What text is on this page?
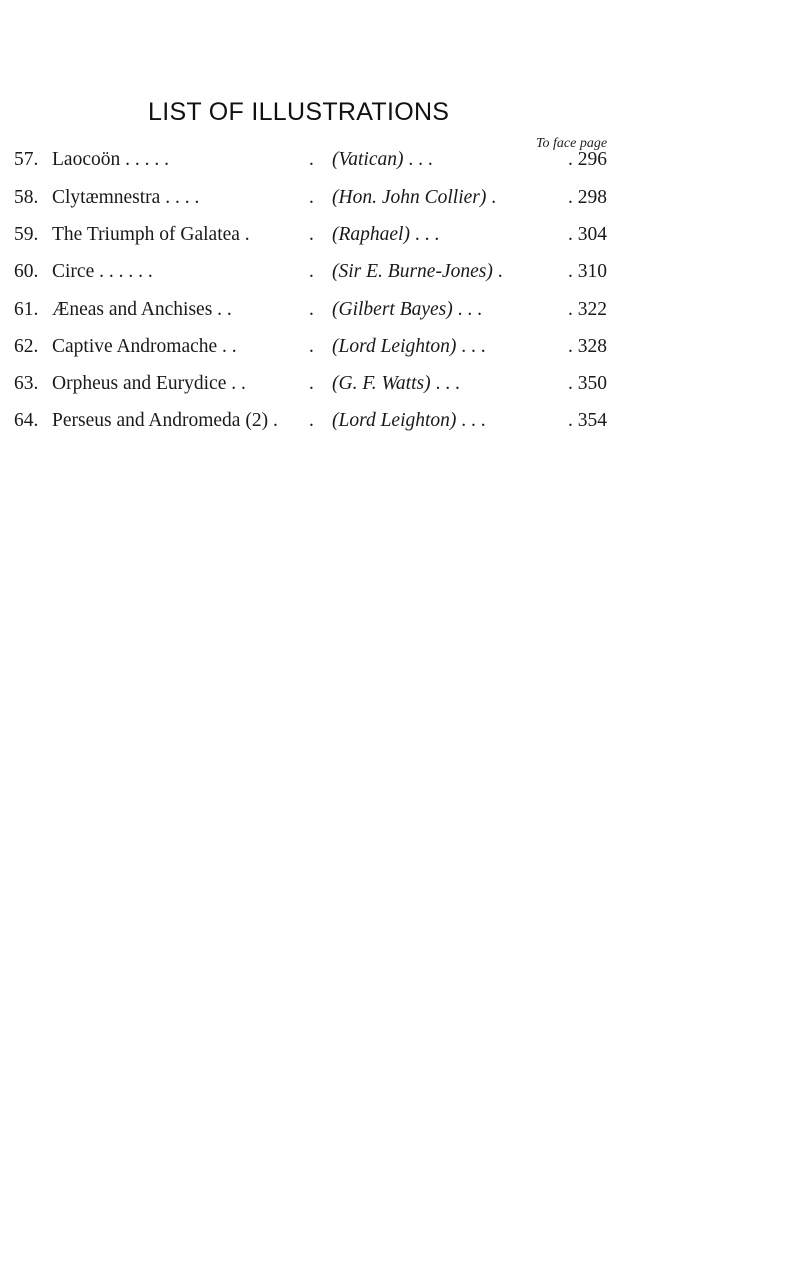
LIST OF ILLUSTRATIONS
To face page
57. Laocoön . . . . .	. (Vatican) . . .	. 296
58. Clytæmnestra . . . .	. (Hon. John Collier) .	. 298
59. The Triumph of Galatea .	. (Raphael) . . .	. 304
60. Circe . . . . . .	. (Sir E. Burne-Jones) .	. 310
61. Æneas and Anchises . .	. (Gilbert Bayes) . . .	. 322
62. Captive Andromache . .	. (Lord Leighton) . . .	. 328
63. Orpheus and Eurydice . .	. (G. F. Watts) . . .	. 350
64. Perseus and Andromeda (2) . . (Lord Leighton) . . .	. 354
